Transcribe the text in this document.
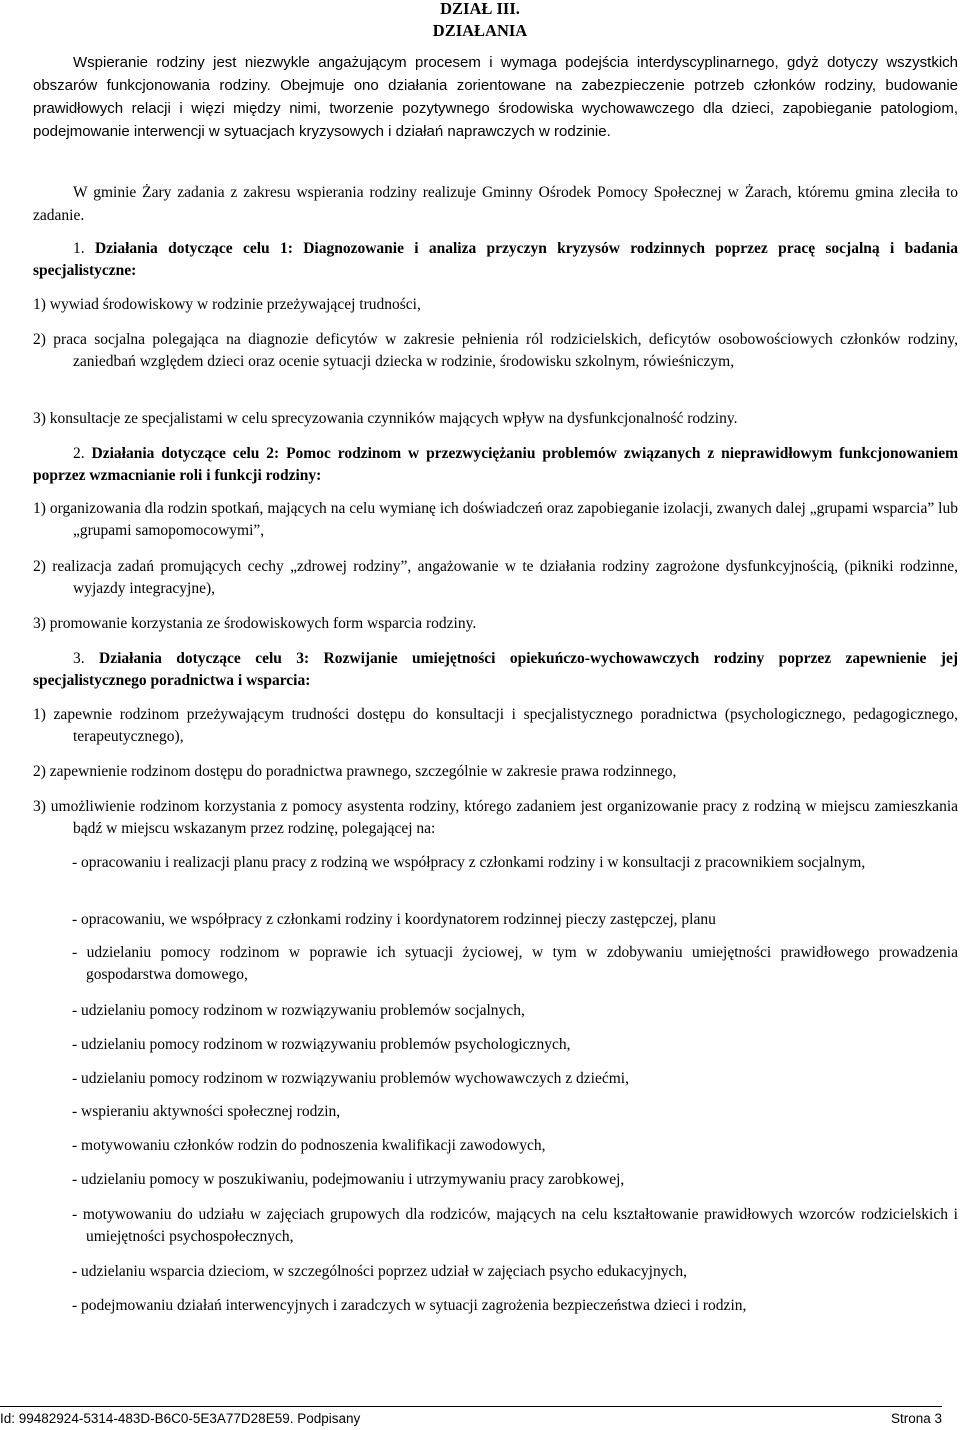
DZIAŁ III.
DZIAŁANIA

Wspieranie rodziny jest niezwykle angażującym procesem i wymaga podejścia interdyscyplinarnego, gdyż dotyczy wszystkich obszarów funkcjonowania rodziny. Obejmuje ono działania zorientowane na zabezpieczenie potrzeb członków rodziny, budowanie prawidłowych relacji i więzi między nimi, tworzenie pozytywnego środowiska wychowawczego dla dzieci, zapobieganie patologiom, podejmowanie interwencji w sytuacjach kryzysowych i działań naprawczych w rodzinie.

W gminie Żary zadania z zakresu wspierania rodziny realizuje Gminny Ośrodek Pomocy Społecznej w Żarach, któremu gmina zleciła to zadanie.

1. Działania dotyczące celu 1: Diagnozowanie i analiza przyczyn kryzysów rodzinnych poprzez pracę socjalną i badania specjalistyczne:

1) wywiad środowiskowy w rodzinie przeżywającej trudności,

2) praca socjalna polegająca na diagnozie deficytów w zakresie pełnienia ról rodzicielskich, deficytów osobowościowych członków rodziny, zaniedbań względem dzieci oraz ocenie sytuacji dziecka w rodzinie, środowisku szkolnym, rówieśniczym,

3) konsultacje ze specjalistami w celu sprecyzowania czynników mających wpływ na dysfunkcjonalność rodziny.

2. Działania dotyczące celu 2: Pomoc rodzinom w przezwyciężaniu problemów związanych z nieprawidłowym funkcjonowaniem poprzez wzmacnianie roli i funkcji rodziny:

1) organizowania dla rodzin spotkań, mających na celu wymianę ich doświadczeń oraz zapobieganie izolacji, zwanych dalej „grupami wsparcia” lub „grupami samopomocowymi”,

2) realizacja zadań promujących cechy „zdrowej rodziny”, angażowanie w te działania rodziny zagrożone dysfunkcyjnością, (pikniki rodzinne, wyjazdy integracyjne),

3) promowanie korzystania ze środowiskowych form wsparcia rodziny.

3. Działania dotyczące celu 3: Rozwijanie umiejętności opiekuńczo-wychowawczych rodziny poprzez zapewnienie jej specjalistycznego poradnictwa i wsparcia:

1) zapewnie rodzinom przeżywającym trudności dostępu do konsultacji i specjalistycznego poradnictwa (psychologicznego, pedagogicznego, terapeutycznego),

2) zapewnienie rodzinom dostępu do poradnictwa prawnego, szczególnie w zakresie prawa rodzinnego,

3) umożliwienie rodzinom korzystania z pomocy asystenta rodziny, którego zadaniem jest organizowanie pracy z rodziną w miejscu zamieszkania bądź w miejscu wskazanym przez rodzinę, polegającej na:

- opracowaniu i realizacji planu pracy z rodziną we współpracy z członkami rodziny i w konsultacji z pracownikiem socjalnym,
- opracowaniu, we współpracy z członkami rodziny i koordynatorem rodzinnej pieczy zastępczej, planu
- udzielaniu pomocy rodzinom w poprawie ich sytuacji życiowej, w tym w zdobywaniu umiejętności prawidłowego prowadzenia gospodarstwa domowego,
- udzielaniu pomocy rodzinom w rozwiązywaniu problemów socjalnych,
- udzielaniu pomocy rodzinom w rozwiązywaniu problemów psychologicznych,
- udzielaniu pomocy rodzinom w rozwiązywaniu problemów wychowawczych z dziećmi,
- wspieraniu aktywności społecznej rodzin,
- motywowaniu członków rodzin do podnoszenia kwalifikacji zawodowych,
- udzielaniu pomocy w poszukiwaniu, podejmowaniu i utrzymywaniu pracy zarobkowej,
- motywowaniu do udziału w zajęciach grupowych dla rodziców, mających na celu kształtowanie prawidłowych wzorców rodzicielskich i umiejętności psychospołecznych,
- udzielaniu wsparcia dzieciom, w szczególności poprzez udział w zajęciach psycho edukacyjnych,
- podejmowaniu działań interwencyjnych i zaradczych w sytuacji zagrożenia bezpieczeństwa dzieci i rodzin,
Id: 99482924-5314-483D-B6C0-5E3A77D28E59. Podpisany	Strona 3
